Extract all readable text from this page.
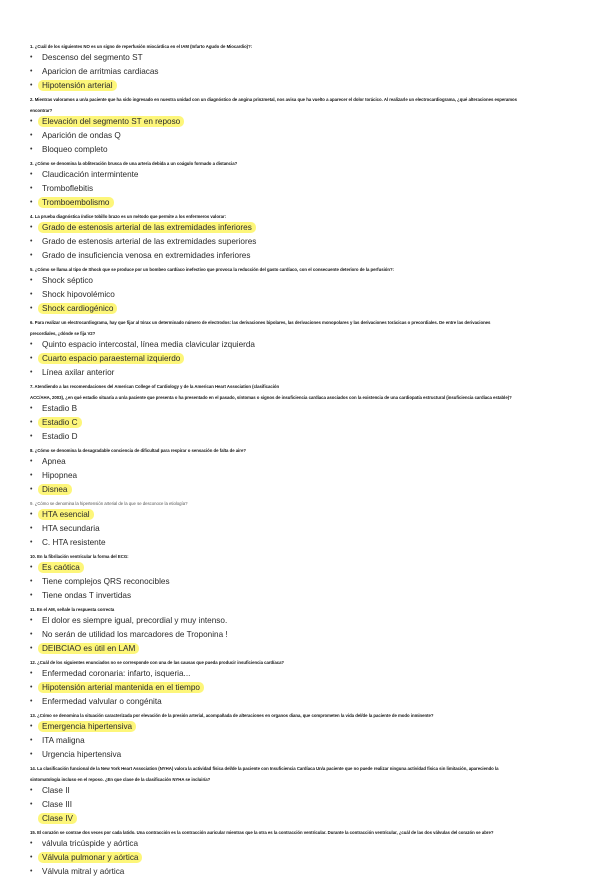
1. ¿Cuál de los siguientes NO es un signo de reperfusión miocárdica en el IAM (Infarto Agudo de Miocardio)?:
• Descenso del segmento ST
• Aparicion de arritmias cardiacas
• Hipotensión arterial
2. Mientras valoramos a un/a paciente que ha sido ingresado en nuestra unidad con un diagnóstico de angina prinzmetal, nos avisa que ha vuelto a aparecer el dolor torácico. Al realizarle un electrocardiograma, ¿qué alteraciones esperamos
encontrar?
• Elevación del segmento ST en reposo
• Aparición de ondas Q
• Bloqueo completo
3. ¿Cómo se denomina la obliteración brusca de una arteria debida a un coágulo formado a distancia?
• Claudicación intermintente
• Tromboflebitis
• Tromboembolismo
4. La prueba diagnóstica índice tobillo brazo es un método que permite a los enfermeros valorar:
• Grado de estenosis arterial de las extremidades inferiores
• Grado de estenosis arterial de las extremidades superiores
• Grado de insuficiencia venosa en extremidades inferiores
5. ¿Cómo se llama al tipo de Shock que se produce por un bombeo cardíaco inefectivo que provoca la reducción del gasto cardíaco, con el consecuente deterioro de la perfusión?:
• Shock séptico
• Shock hipovolémico
• Shock cardiogénico
6. Para realizar un electrocardiograma, hay que fijar al tórax un determinado número de electrodos: las derivaciones bipolares, las derivaciones monopolares y las derivaciones torácicas o precordiales. De entre las derivaciones
precordiales, ¿dónde se fija V2?
• Quinto espacio intercostal, línea media clavicular izquierda
• Cuarto espacio paraesternal izquierdo
• Línea axilar anterior
7. Atendiendo a las recomendaciones del American College of Cardiology y de la American Heart Association (clasificación
ACC/AHA, 2003), ¿en qué estadio situaría a un/a paciente que presenta o ha presentado en el pasado, síntomas o signos de insuficiencia cardíaca asociados con la existencia de una cardiopatía estructural (insuficiencia cardíaca estable)?
• Estadio B
• Estadio C
• Estadio D
8. ¿Cómo se denomina la desagradable conciencia de dificultad para respirar o sensación de falta de aire?
• Apnea
• Hipopnea
• Disnea
9. ¿Cómo se denomina la hipertensión arterial de la que se desconoce la etiología?
• HTA esencial
• HTA secundaria
• C. HTA resistente
10. En la fibrilación ventricular la forma del ECG:
• Es caótica
• Tiene complejos QRS reconocibles
• Tiene ondas T invertidas
11. En el AM, señale la respuesta correcta
• El dolor es siempre igual, precordial y muy intenso.
• No serán de utilidad los marcadores de Troponina !
• DEIBCIAO es útil en LAM
12. ¿Cuál de los siguientes enunciados no se corresponde con una de las causas que pueda producir insuficiencia cardíaca?
• Enfermedad coronaria: infarto, isqueria...
• Hipotensión arterial mantenida en el tiempo
• Enfermedad valvular o congénita
13. ¿Cómo se denomina la situación caracterizada por elevación de la presión arterial, acompañada de alteraciones en organos diana, que comprometen la vida del/de la paciente de modo inminente?
• Emergencia hipertensiva
• ITA maligna
• Urgencia hipertensiva
14. La clasificación funcional de la New York Heart Association (NYHA) valora la actividad física del/de la paciente con Insuficiencia Cardíaca Un/a paciente que no puede realizar ninguna actividad física sin limitación, apareciendo la
sintomatología incluso en el reposo. ¿En que clase de la clasificación NYHA se incluiría?
• Clase II
• Clase III
Clase IV
15. El corazón se contrae dos veces por cada latido. Una contracción es la contracción auricular mientras que la otra es la contracción ventricular. Durante la contracción ventricular, ¿cuál de las dos válvulas del corazón se abre?
• válvula tricúspide y aórtica
• Válvula pulmonar y aórtica
• Válvula mitral y aórtica
